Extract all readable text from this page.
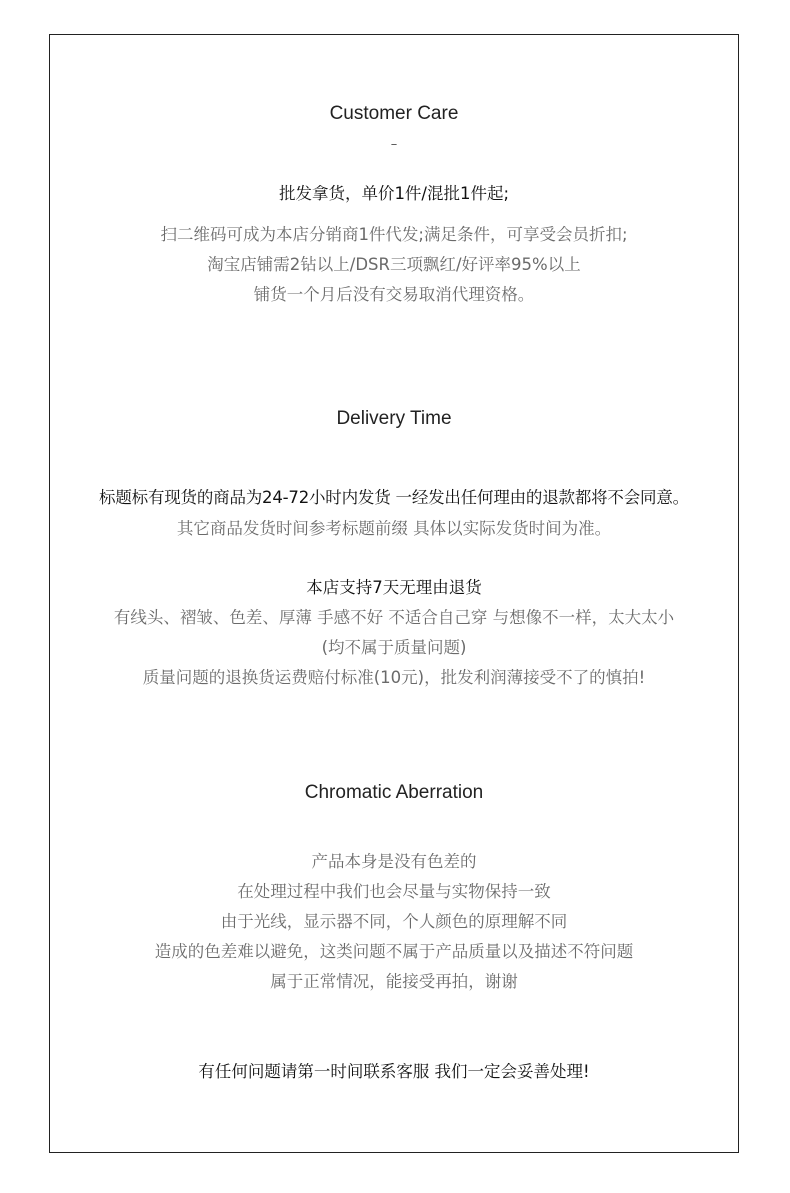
Customer Care
–
批发拿货，单价1件/混批1件起;
扫二维码可成为本店分销商1件代发;满足条件，可享受会员折扣;
淘宝店铺需2钻以上/DSR三项飘红/好评率95%以上
铺货一个月后没有交易取消代理资格。
Delivery Time
标题标有现货的商品为24-72小时内发货 一经发出任何理由的退款都将不会同意。
其它商品发货时间参考标题前缀 具体以实际发货时间为准。
本店支持7天无理由退货
有线头、褶皱、色差、厚薄 手感不好 不适合自己穿 与想像不一样，太大太小
(均不属于质量问题)
质量问题的退换货运费赔付标准(10元)，批发利润薄接受不了的慎拍!
Chromatic Aberration
产品本身是没有色差的
在处理过程中我们也会尽量与实物保持一致
由于光线，显示器不同，个人颜色的原理解不同
造成的色差难以避免，这类问题不属于产品质量以及描述不符问题
属于正常情况，能接受再拍，谢谢
有任何问题请第一时间联系客服 我们一定会妥善处理!
